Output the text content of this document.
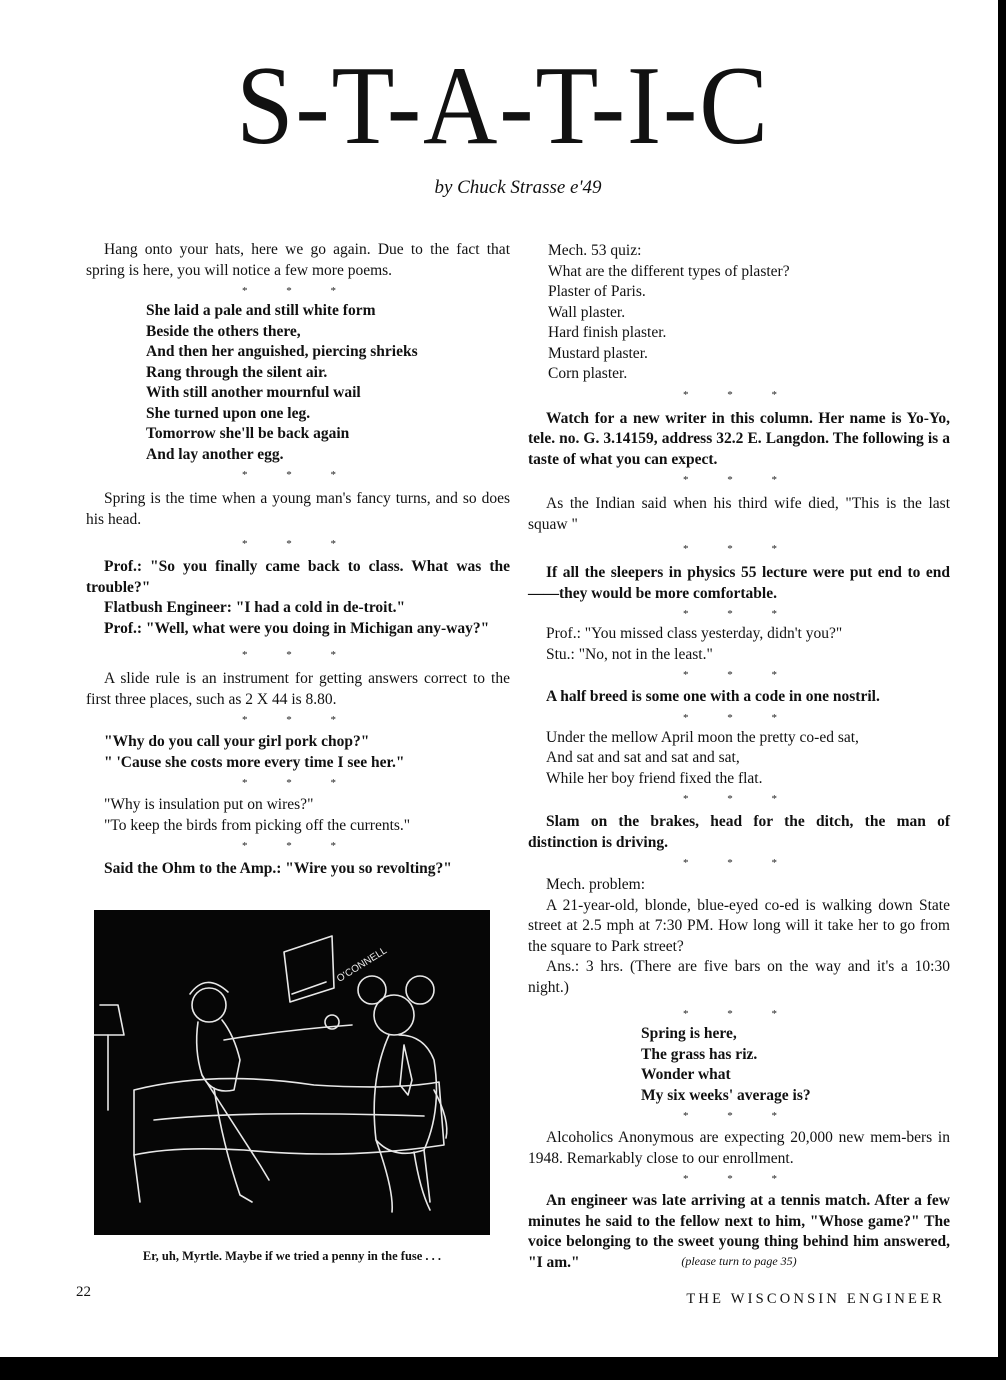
S-T-A-T-I-C
by Chuck Strasse e'49

Hang onto your hats, here we go again. Due to the fact that spring is here, you will notice a few more poems.

* * *
She laid a pale and still white form
Beside the others there,
And then her anguished, piercing shrieks
Rang through the silent air.
With still another mournful wail
She turned upon one leg.
Tomorrow she'll be back again
And lay another egg.
* * *

Spring is the time when a young man's fancy turns, and so does his head.

* * *

Prof.: "So you finally came back to class. What was the trouble?"

Flatbush Engineer: "I had a cold in de-troit."

Prof.: "Well, what were you doing in Michigan any-way?"

* * *

A slide rule is an instrument for getting answers correct to the first three places, such as 2 X 44 is 8.80.

* * *

"Why do you call your girl pork chop?"

" 'Cause she costs more every time I see her."

* * *

"Why is insulation put on wires?"

"To keep the birds from picking off the currents."

* * *

Said the Ohm to the Amp.: "Wire you so revolting?"

O'CONNELL
Er, uh, Myrtle. Maybe if we tried a penny in the fuse . . .
Mech. 53 quiz:
What are the different types of plaster?
Plaster of Paris.
Wall plaster.
Hard finish plaster.
Mustard plaster.
Corn plaster.
* * *

Watch for a new writer in this column. Her name is Yo-Yo, tele. no. G. 3.14159, address 32.2 E. Langdon. The following is a taste of what you can expect.

* * *

As the Indian said when his third wife died, "This is the last squaw "

* * *

If all the sleepers in physics 55 lecture were put end to end——they would be more comfortable.

* * *

Prof.: "You missed class yesterday, didn't you?"

Stu.: "No, not in the least."

* * *

A half breed is some one with a code in one nostril.

* * *
Under the mellow April moon the pretty co-ed sat,
And sat and sat and sat and sat,
While her boy friend fixed the flat.
* * *

Slam on the brakes, head for the ditch, the man of distinction is driving.

* * *

Mech. problem:

A 21-year-old, blonde, blue-eyed co-ed is walking down State street at 2.5 mph at 7:30 PM. How long will it take her to go from the square to Park street?

Ans.: 3 hrs. (There are five bars on the way and it's a 10:30 night.)

* * *
Spring is here,
The grass has riz.
Wonder what
My six weeks' average is?
* * *

Alcoholics Anonymous are expecting 20,000 new mem-bers in 1948. Remarkably close to our enrollment.

* * *

An engineer was late arriving at a tennis match. After a few minutes he said to the fellow next to him, "Whose game?" The voice belonging to the sweet young thing behind him answered, "I am."	(please turn to page 35)
22	THE WISCONSIN ENGINEER
